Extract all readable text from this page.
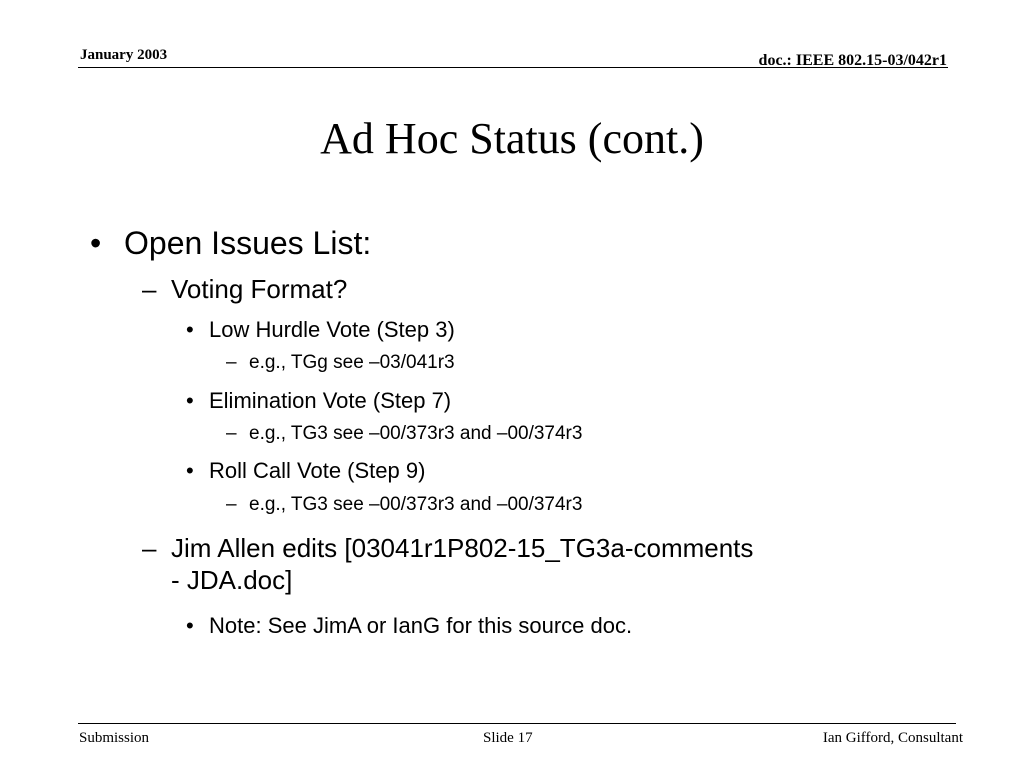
January 2003	doc.: IEEE 802.15-03/042r1
Ad Hoc Status (cont.)
• Open Issues List:
– Voting Format?
• Low Hurdle Vote (Step 3)
– e.g., TGg see –03/041r3
• Elimination Vote (Step 7)
– e.g., TG3 see –00/373r3 and –00/374r3
• Roll Call Vote (Step 9)
– e.g., TG3 see –00/373r3 and –00/374r3
– Jim Allen edits [03041r1P802-15_TG3a-comments
- JDA.doc]
• Note: See JimA or IanG for this source doc.
Submission	Slide 17	Ian Gifford, Consultant
